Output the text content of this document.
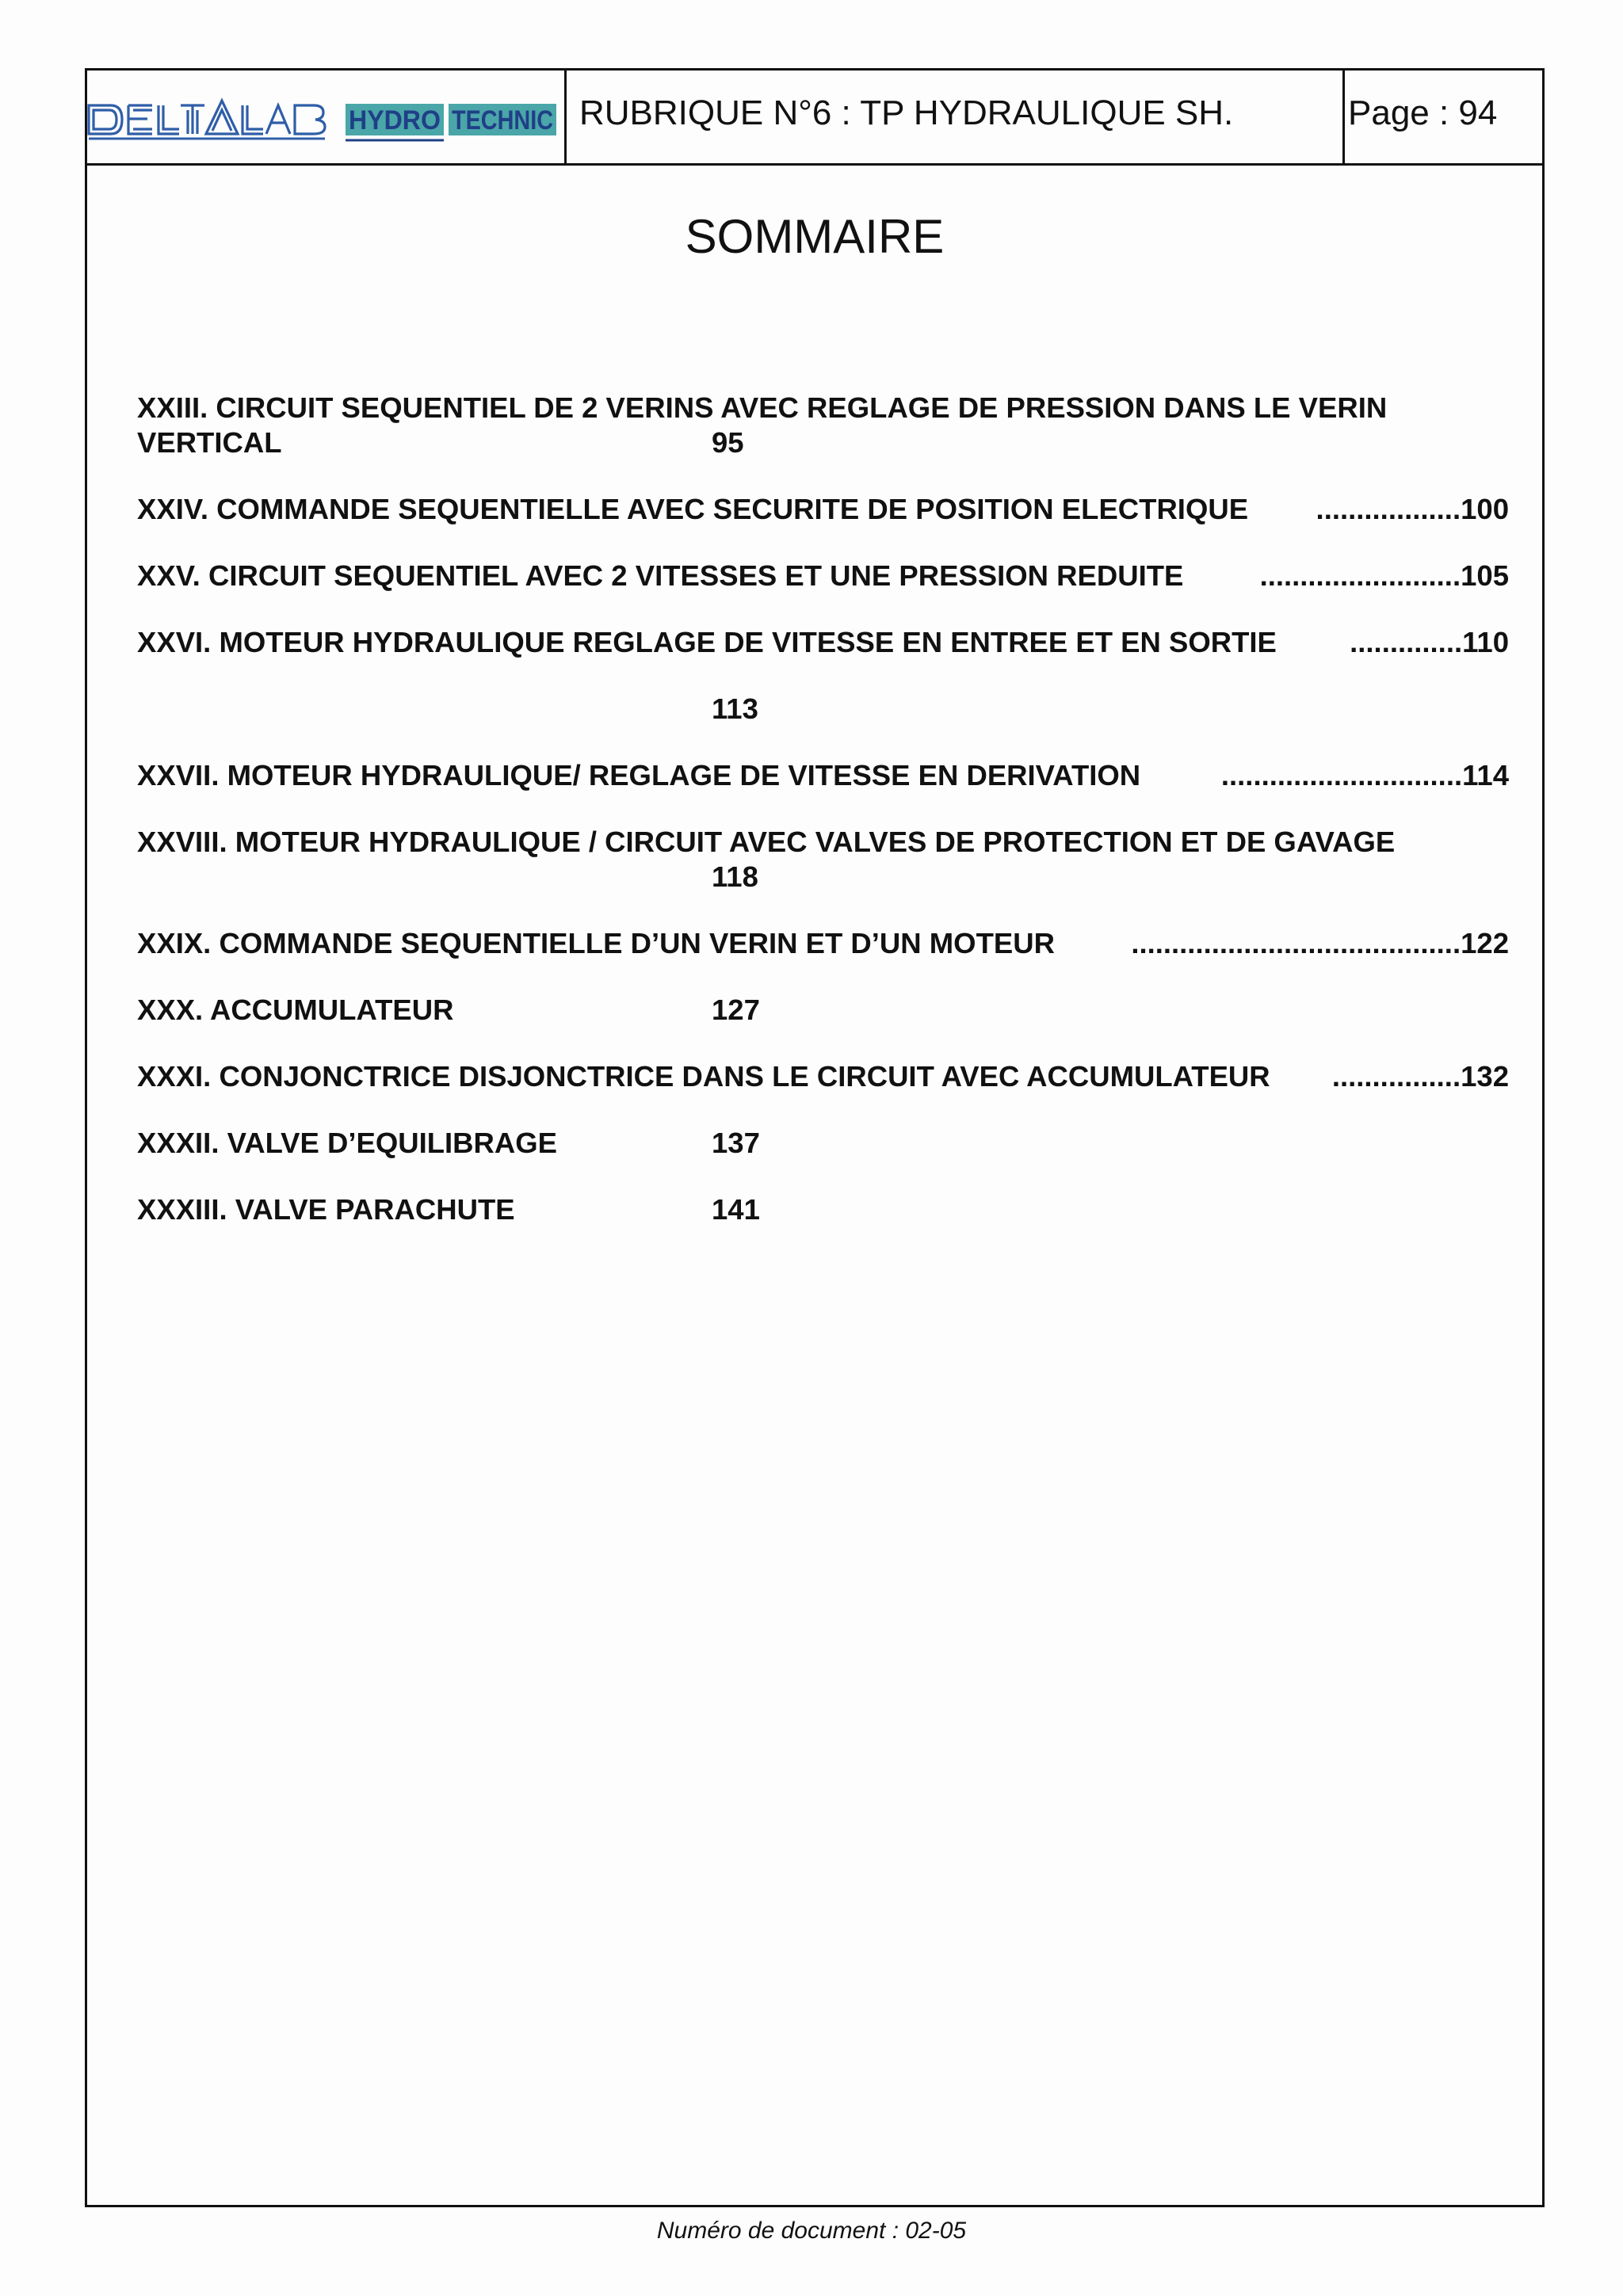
HYDRO TECHNIC RUBRIQUE N°6 : TP HYDRAULIQUE SH.	Page : 94
SOMMAIRE
XXIII. CIRCUIT SEQUENTIEL DE 2 VERINS AVEC REGLAGE DE PRESSION DANS LE VERIN
VERTICAL	95
XXIV. COMMANDE SEQUENTIELLE AVEC SECURITE DE POSITION ELECTRIQUE ..................100
XXV. CIRCUIT SEQUENTIEL AVEC 2 VITESSES ET UNE PRESSION REDUITE	.........................105
XXVI. MOTEUR HYDRAULIQUE REGLAGE DE VITESSE EN ENTREE ET EN SORTIE	..............110
113
XXVII. MOTEUR HYDRAULIQUE/ REGLAGE DE VITESSE EN DERIVATION	..............................114
XXVIII. MOTEUR HYDRAULIQUE / CIRCUIT AVEC VALVES DE PROTECTION ET DE GAVAGE
118
XXIX. COMMANDE SEQUENTIELLE D’UN VERIN ET D’UN MOTEUR	.........................................122
XXX. ACCUMULATEUR	127
XXXI. CONJONCTRICE DISJONCTRICE DANS LE CIRCUIT AVEC ACCUMULATEUR ................132
XXXII. VALVE D’EQUILIBRAGE	137
XXXIII. VALVE PARACHUTE	141
Numéro de document : 02-05
